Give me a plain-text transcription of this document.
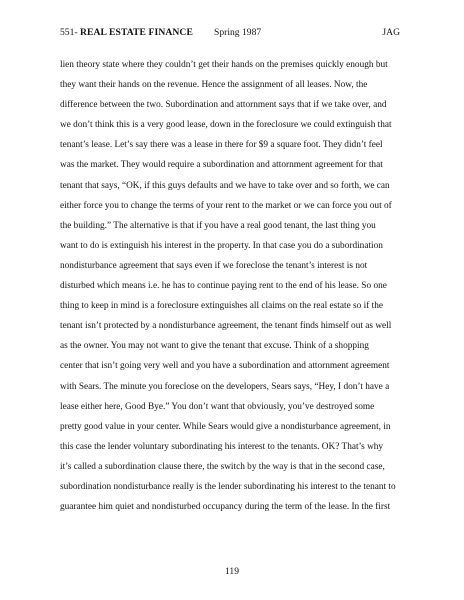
551- REAL ESTATE FINANCE Spring 1987	JAG
lien theory state where they couldn’t get their hands on the premises quickly enough but
they want their hands on the revenue. Hence the assignment of all leases. Now, the
difference between the two. Subordination and attornment says that if we take over, and
we don’t think this is a very good lease, down in the foreclosure we could extinguish that
tenant’s lease. Let’s say there was a lease in there for $9 a square foot. They didn’t feel
was the market. They would require a subordination and attornment agreement for that
tenant that says, “OK, if this guys defaults and we have to take over and so forth, we can
either force you to change the terms of your rent to the market or we can force you out of
the building.” The alternative is that if you have a real good tenant, the last thing you
want to do is extinguish his interest in the property. In that case you do a subordination
nondisturbance agreement that says even if we foreclose the tenant’s interest is not
disturbed which means i.e. he has to continue paying rent to the end of his lease. So one
thing to keep in mind is a foreclosure extinguishes all claims on the real estate so if the
tenant isn’t protected by a nondisturbance agreement, the tenant finds himself out as well
as the owner. You may not want to give the tenant that excuse. Think of a shopping
center that isn’t going very well and you have a subordination and attornment agreement
with Sears. The minute you foreclose on the developers, Sears says, “Hey, I don’t have a
lease either here, Good Bye.” You don’t want that obviously, you’ve destroyed some
pretty good value in your center. While Sears would give a nondisturbance agreement, in
this case the lender voluntary subordinating his interest to the tenants. OK? That’s why
it’s called a subordination clause there, the switch by the way is that in the second case,
subordination nondisturbance really is the lender subordinating his interest to the tenant to
guarantee him quiet and nondisturbed occupancy during the term of the lease. In the first
119
